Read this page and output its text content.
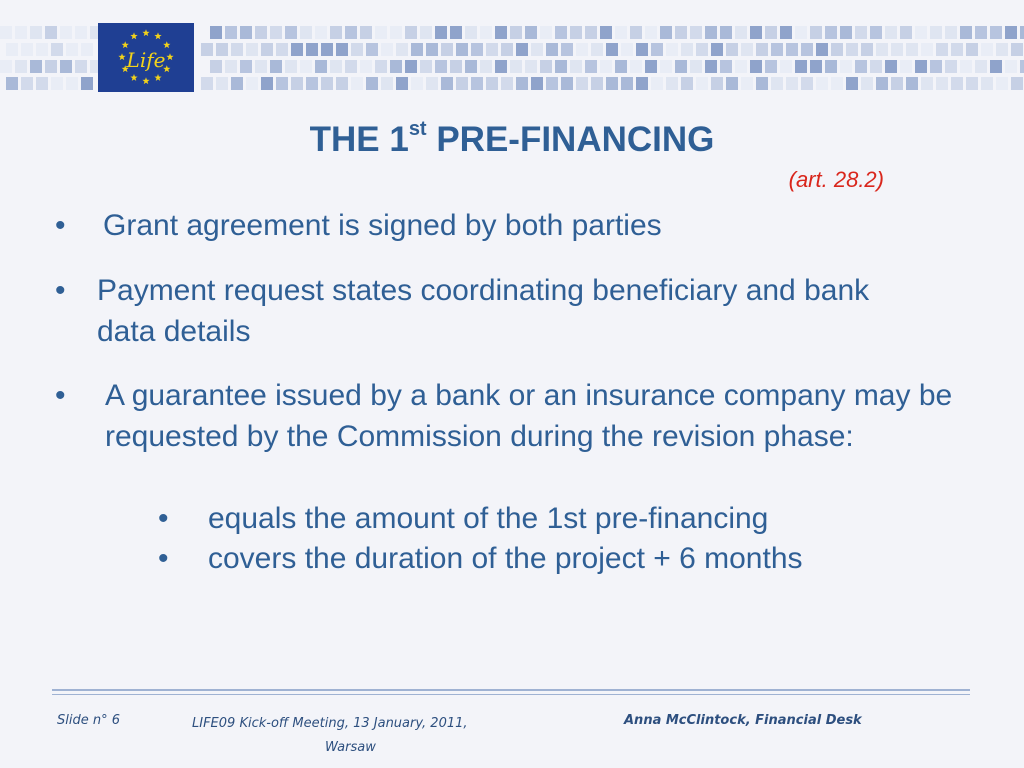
Life
THE 1st PRE-FINANCING
(art. 28.2)
• Grant agreement is signed by both parties
• Payment request states coordinating beneficiary and bank data details
• A guarantee issued by a bank or an insurance company may be requested by the Commission during the revision phase:
• equals the amount of the 1st pre-financing
• covers the duration of the project + 6 months
Slide n° 6	LIFE09 Kick-off Meeting, 13 January, 2011,
Warsaw
Anna McClintock, Financial Desk
